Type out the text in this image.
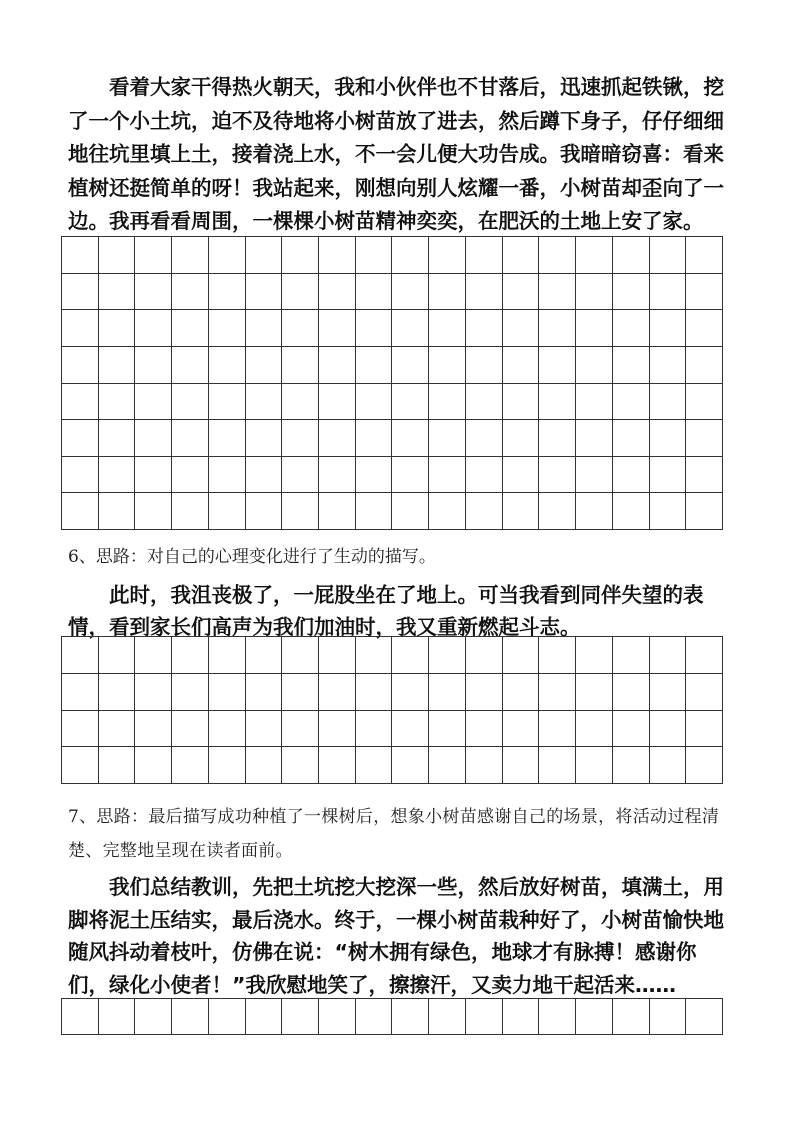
看着大家干得热火朝天，我和小伙伴也不甘落后，迅速抓起铁锹，挖了一个小土坑，迫不及待地将小树苗放了进去，然后蹲下身子，仔仔细细地往坑里填上土，接着浇上水，不一会儿便大功告成。我暗暗窃喜：看来植树还挺简单的呀！我站起来，刚想向别人炫耀一番，小树苗却歪向了一边。我再看看周围，一棵棵小树苗精神奕奕，在肥沃的土地上安了家。

6、思路：对自己的心理变化进行了生动的描写。

此时，我沮丧极了，一屁股坐在了地上。可当我看到同伴失望的表情，看到家长们高声为我们加油时，我又重新燃起斗志。

7、思路：最后描写成功种植了一棵树后，想象小树苗感谢自己的场景，将活动过程清楚、完整地呈现在读者面前。

我们总结教训，先把土坑挖大挖深一些，然后放好树苗，填满土，用脚将泥土压结实，最后浇水。终于，一棵小树苗栽种好了，小树苗愉快地随风抖动着枝叶，仿佛在说：“树木拥有绿色，地球才有脉搏！感谢你们，绿化小使者！”我欣慰地笑了，擦擦汗，又卖力地干起活来……
